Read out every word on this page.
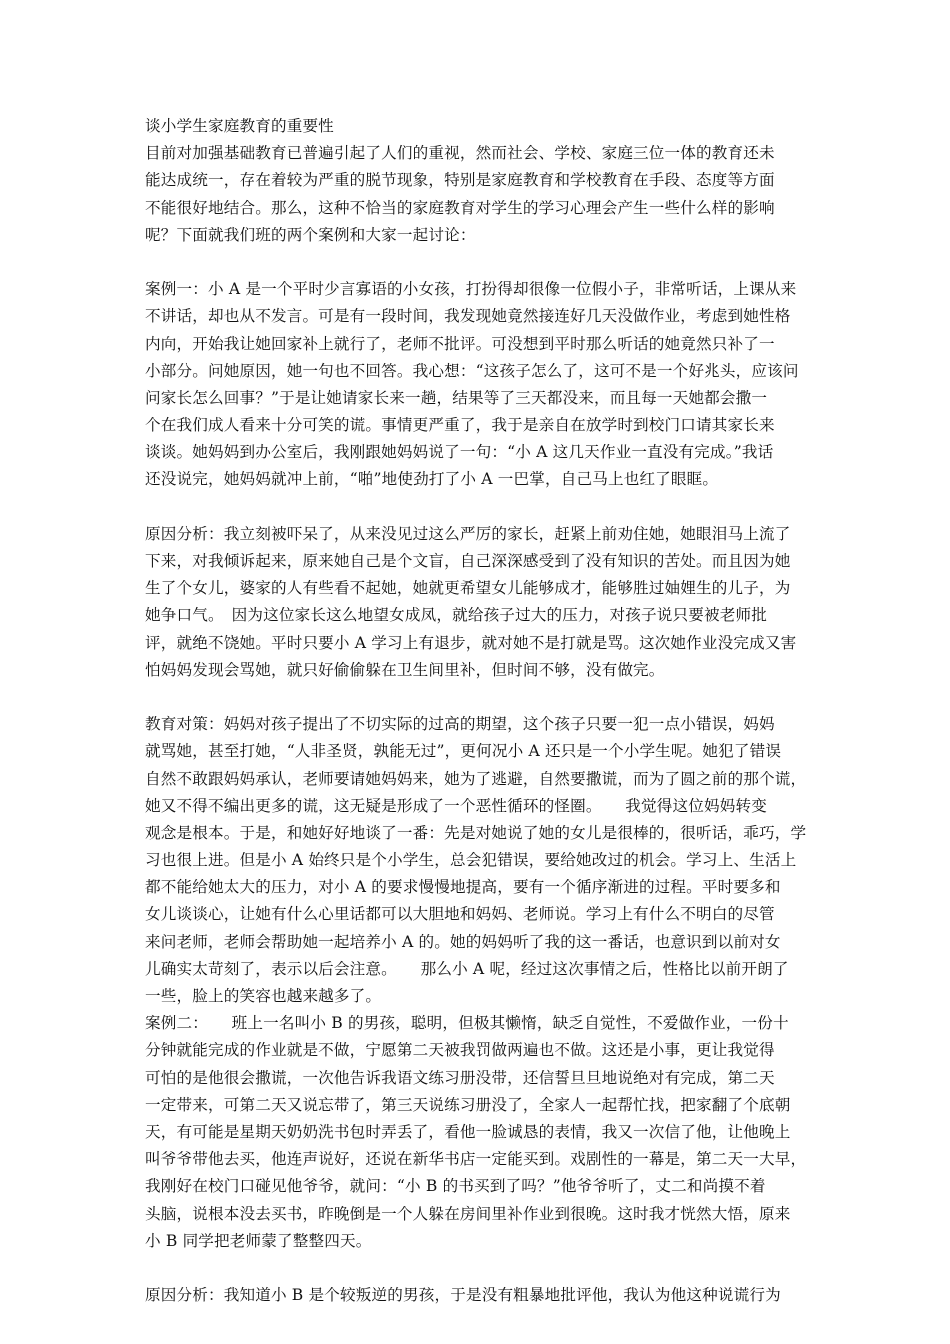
谈小学生家庭教育的重要性
目前对加强基础教育已普遍引起了人们的重视，然而社会、学校、家庭三位一体的教育还未
能达成统一，存在着较为严重的脱节现象，特别是家庭教育和学校教育在手段、态度等方面
不能很好地结合。那么，这种不恰当的家庭教育对学生的学习心理会产生一些什么样的影响
呢？下面就我们班的两个案例和大家一起讨论：
案例一：小 A 是一个平时少言寡语的小女孩，打扮得却很像一位假小子，非常听话，上课从来
不讲话，却也从不发言。可是有一段时间，我发现她竟然接连好几天没做作业，考虑到她性格
内向，开始我让她回家补上就行了，老师不批评。可没想到平时那么听话的她竟然只补了一
小部分。问她原因，她一句也不回答。我心想：“这孩子怎么了，这可不是一个好兆头，应该问
问家长怎么回事？”于是让她请家长来一趟，结果等了三天都没来，而且每一天她都会撒一
个在我们成人看来十分可笑的谎。事情更严重了，我于是亲自在放学时到校门口请其家长来
谈谈。她妈妈到办公室后，我刚跟她妈妈说了一句：“小 A 这几天作业一直没有完成。”我话
还没说完，她妈妈就冲上前，“啪”地使劲打了小 A 一巴掌，自己马上也红了眼眶。
原因分析：我立刻被吓呆了，从来没见过这么严厉的家长，赶紧上前劝住她，她眼泪马上流了
下来，对我倾诉起来，原来她自己是个文盲，自己深深感受到了没有知识的苦处。而且因为她
生了个女儿，婆家的人有些看不起她，她就更希望女儿能够成才，能够胜过妯娌生的儿子，为
她争口气。　因为这位家长这么地望女成凤，就给孩子过大的压力，对孩子说只要被老师批
评，就绝不饶她。平时只要小 A 学习上有退步，就对她不是打就是骂。这次她作业没完成又害
怕妈妈发现会骂她，就只好偷偷躲在卫生间里补，但时间不够，没有做完。
教育对策：妈妈对孩子提出了不切实际的过高的期望，这个孩子只要一犯一点小错误，妈妈
就骂她，甚至打她，“人非圣贤，孰能无过”，更何况小 A 还只是一个小学生呢。她犯了错误
自然不敢跟妈妈承认，老师要请她妈妈来，她为了逃避，自然要撒谎，而为了圆之前的那个谎，
她又不得不编出更多的谎，这无疑是形成了一个恶性循环的怪圈。　　我觉得这位妈妈转变
观念是根本。于是，和她好好地谈了一番：先是对她说了她的女儿是很棒的，很听话，乖巧，学
习也很上进。但是小 A 始终只是个小学生，总会犯错误，要给她改过的机会。学习上、生活上
都不能给她太大的压力，对小 A 的要求慢慢地提高，要有一个循序渐进的过程。平时要多和
女儿谈谈心，让她有什么心里话都可以大胆地和妈妈、老师说。学习上有什么不明白的尽管
来问老师，老师会帮助她一起培养小 A 的。她的妈妈听了我的这一番话，也意识到以前对女
儿确实太苛刻了，表示以后会注意。　　那么小 A 呢，经过这次事情之后，性格比以前开朗了
一些，脸上的笑容也越来越多了。
案例二：　　班上一名叫小 B 的男孩，聪明，但极其懒惰，缺乏自觉性，不爱做作业，一份十
分钟就能完成的作业就是不做，宁愿第二天被我罚做两遍也不做。这还是小事，更让我觉得
可怕的是他很会撒谎，一次他告诉我语文练习册没带，还信誓旦旦地说绝对有完成，第二天
一定带来，可第二天又说忘带了，第三天说练习册没了，全家人一起帮忙找，把家翻了个底朝
天，有可能是星期天奶奶洗书包时弄丢了，看他一脸诚恳的表情，我又一次信了他，让他晚上
叫爷爷带他去买，他连声说好，还说在新华书店一定能买到。戏剧性的一幕是，第二天一大早，
我刚好在校门口碰见他爷爷，就问：“小 B 的书买到了吗？”他爷爷听了，丈二和尚摸不着
头脑，说根本没去买书，昨晚倒是一个人躲在房间里补作业到很晚。这时我才恍然大悟，原来
小 B 同学把老师蒙了整整四天。
原因分析：我知道小 B 是个较叛逆的男孩，于是没有粗暴地批评他，我认为他这种说谎行为
